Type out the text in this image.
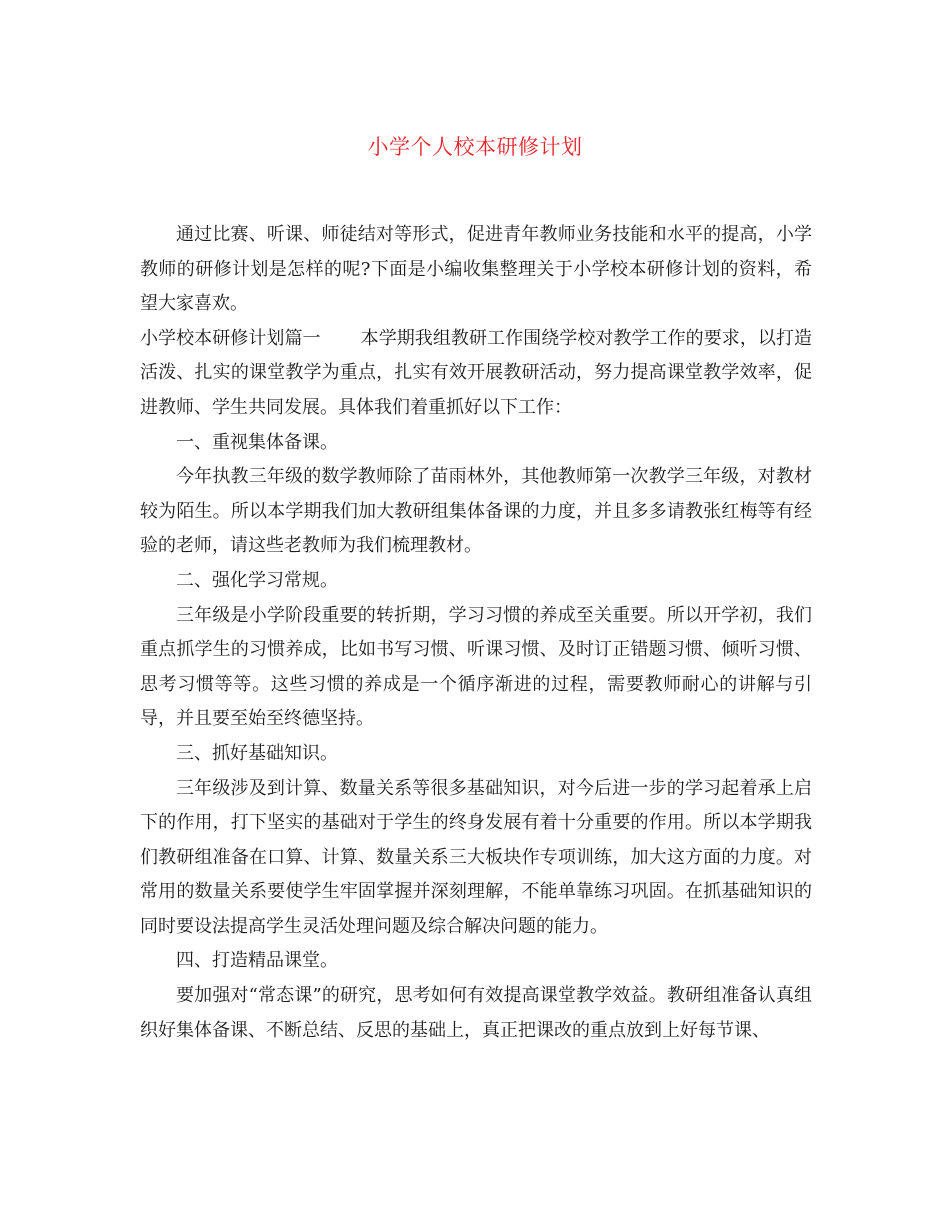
小学个人校本研修计划

通过比赛、听课、师徒结对等形式，促进青年教师业务技能和水平的提高，小学教师的研修计划是怎样的呢?下面是小编收集整理关于小学校本研修计划的资料，希望大家喜欢。

小学校本研修计划篇一 本学期我组教研工作围绕学校对教学工作的要求，以打造活泼、扎实的课堂教学为重点，扎实有效开展教研活动，努力提高课堂教学效率，促进教师、学生共同发展。具体我们着重抓好以下工作：

一、重视集体备课。

今年执教三年级的数学教师除了苗雨林外，其他教师第一次教学三年级，对教材较为陌生。所以本学期我们加大教研组集体备课的力度，并且多多请教张红梅等有经验的老师，请这些老教师为我们梳理教材。

二、强化学习常规。

三年级是小学阶段重要的转折期，学习习惯的养成至关重要。所以开学初，我们重点抓学生的习惯养成，比如书写习惯、听课习惯、及时订正错题习惯、倾听习惯、思考习惯等等。这些习惯的养成是一个循序渐进的过程，需要教师耐心的讲解与引导，并且要至始至终德坚持。

三、抓好基础知识。

三年级涉及到计算、数量关系等很多基础知识，对今后进一步的学习起着承上启下的作用，打下坚实的基础对于学生的终身发展有着十分重要的作用。所以本学期我们教研组准备在口算、计算、数量关系三大板块作专项训练，加大这方面的力度。对常用的数量关系要使学生牢固掌握并深刻理解，不能单靠练习巩固。在抓基础知识的同时要设法提高学生灵活处理问题及综合解决问题的能力。

四、打造精品课堂。

要加强对“常态课”的研究，思考如何有效提高课堂教学效益。教研组准备认真组织好集体备课、不断总结、反思的基础上，真正把课改的重点放到上好每节课、
